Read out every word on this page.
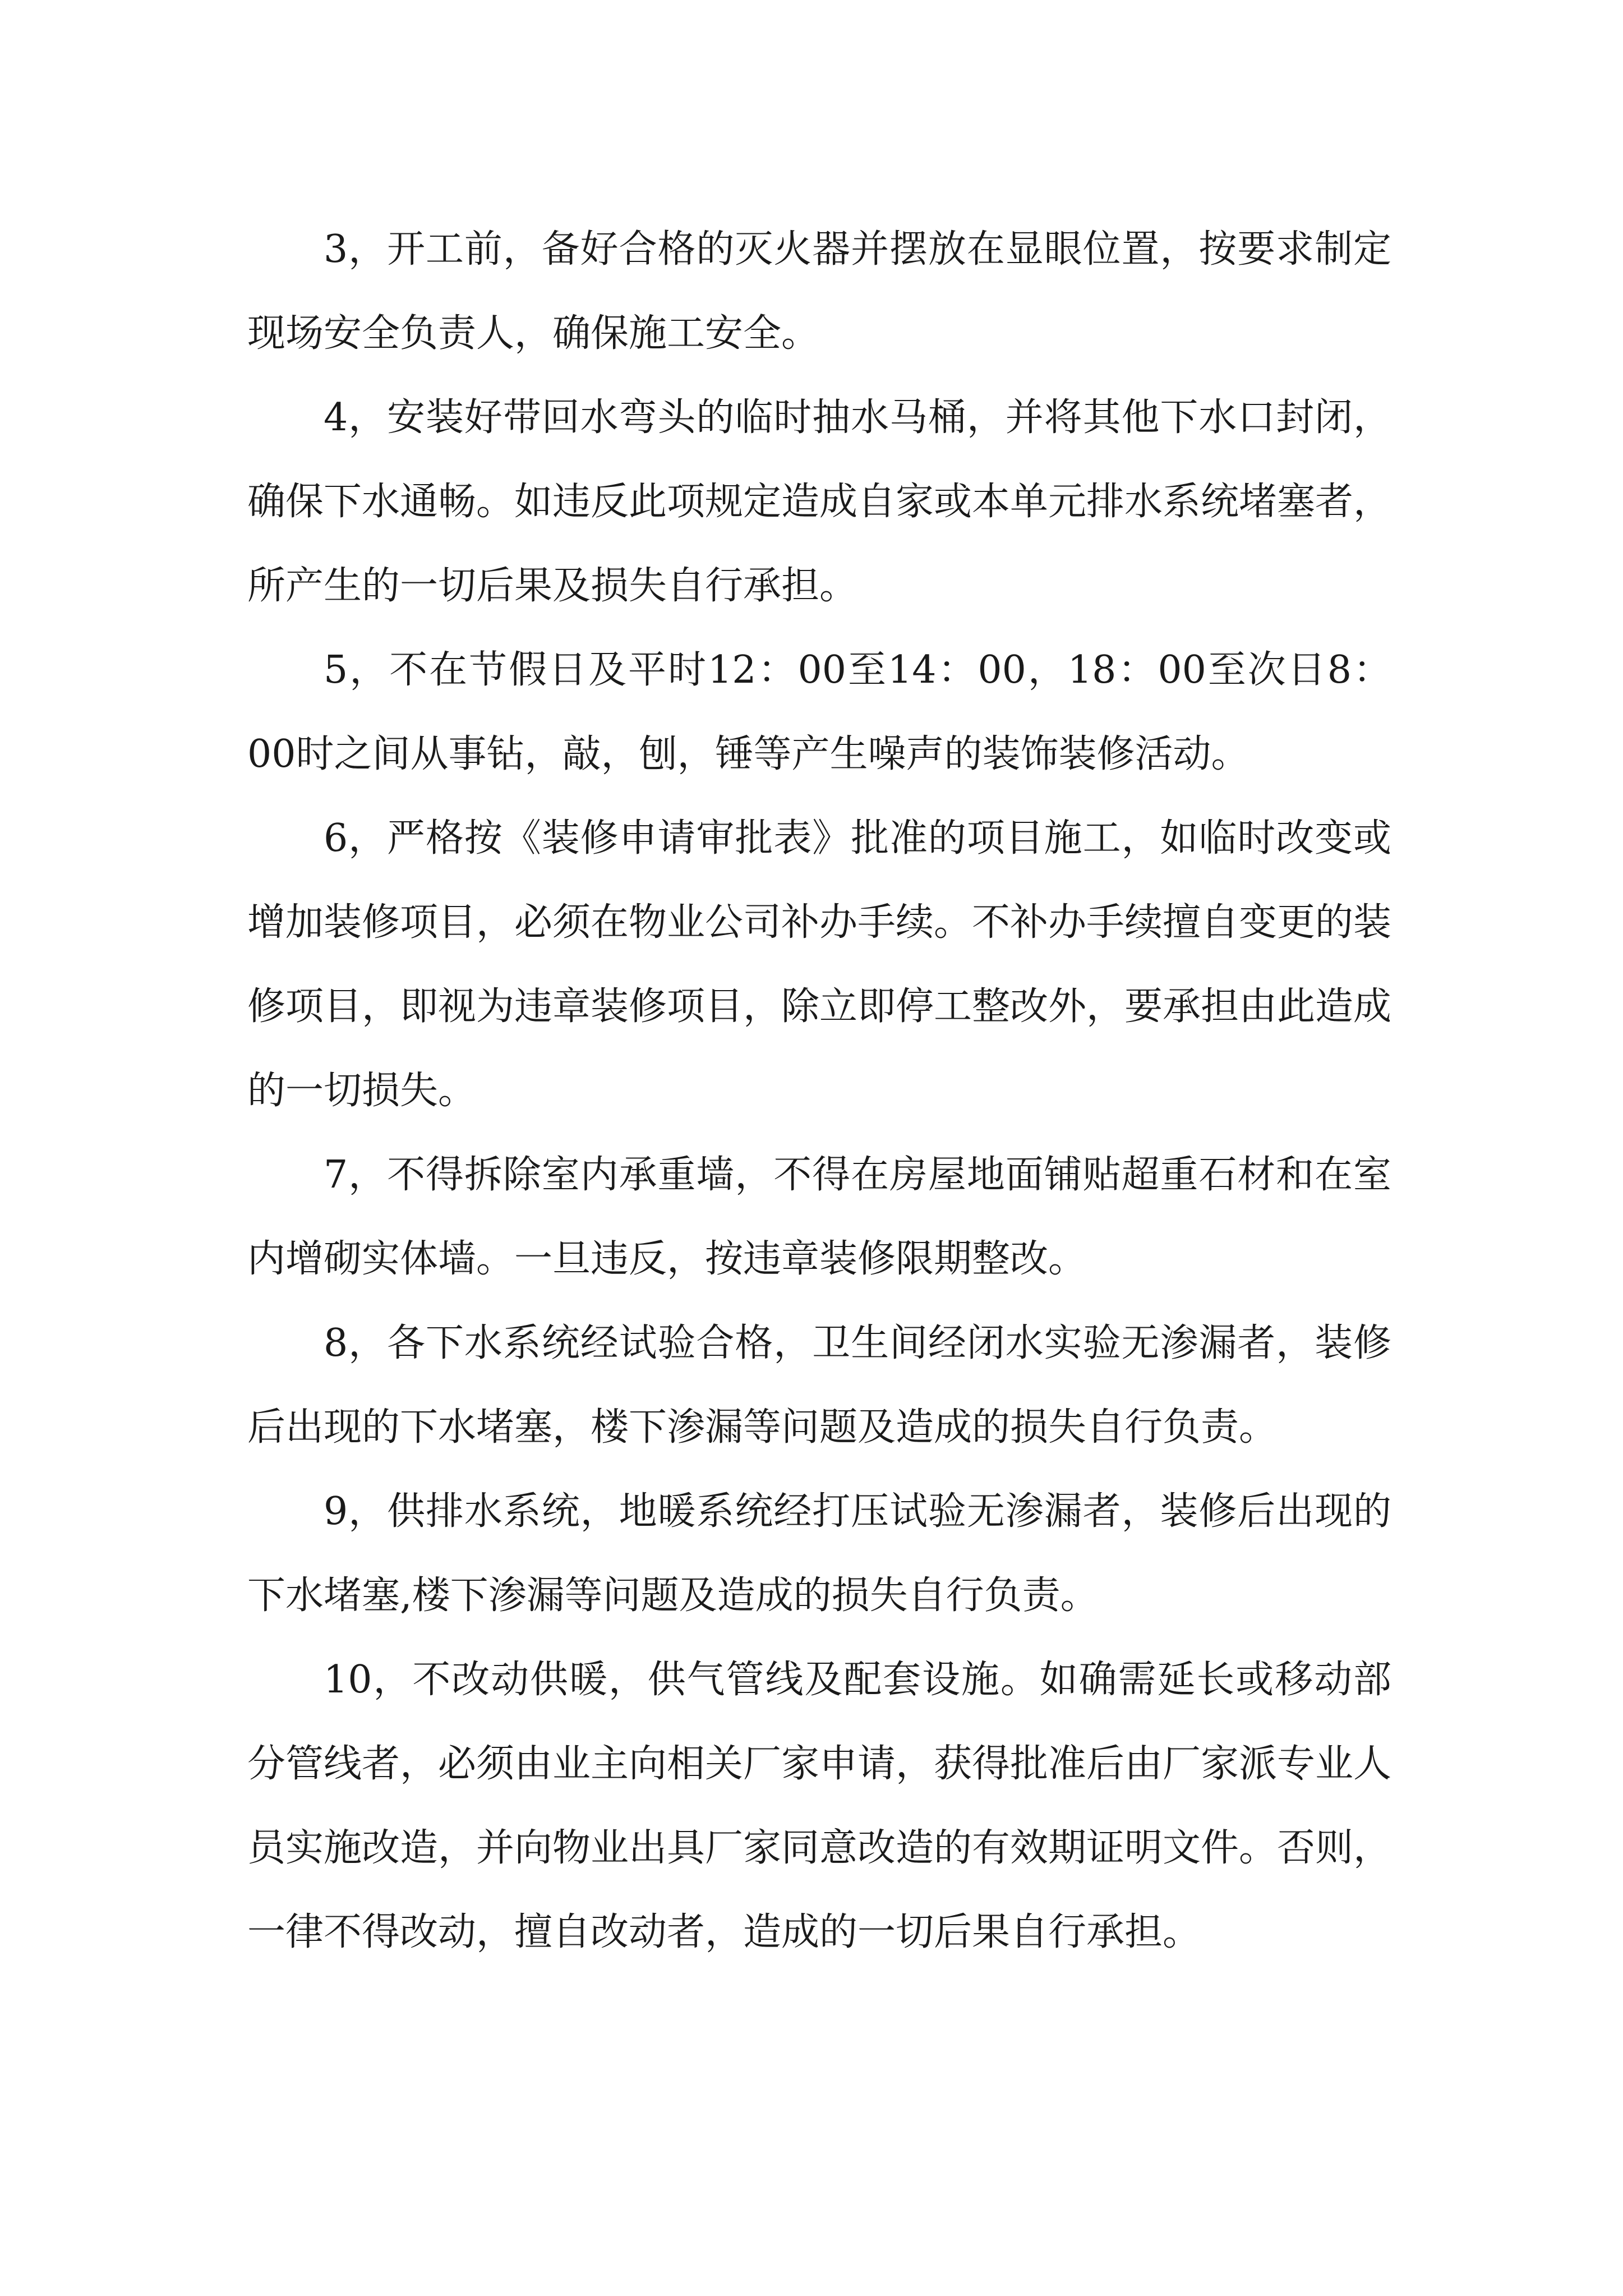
3，开工前，备好合格的灭火器并摆放在显眼位置，按要求制定现场安全负责人，确保施工安全。

4，安装好带回水弯头的临时抽水马桶，并将其他下水口封闭，确保下水通畅。如违反此项规定造成自家或本单元排水系统堵塞者，所产生的一切后果及损失自行承担。

5，不在节假日及平时12：00至14：00，18：00至次日8：00时之间从事钻，敲，刨，锤等产生噪声的装饰装修活动。

6，严格按《装修申请审批表》批准的项目施工，如临时改变或增加装修项目，必须在物业公司补办手续。不补办手续擅自变更的装修项目，即视为违章装修项目，除立即停工整改外，要承担由此造成的一切损失。

7，不得拆除室内承重墙，不得在房屋地面铺贴超重石材和在室内增砌实体墙。一旦违反，按违章装修限期整改。

8，各下水系统经试验合格，卫生间经闭水实验无渗漏者，装修后出现的下水堵塞，楼下渗漏等问题及造成的损失自行负责。

9，供排水系统，地暖系统经打压试验无渗漏者，装修后出现的下水堵塞,楼下渗漏等问题及造成的损失自行负责。

10，不改动供暖，供气管线及配套设施。如确需延长或移动部分管线者，必须由业主向相关厂家申请，获得批准后由厂家派专业人员实施改造，并向物业出具厂家同意改造的有效期证明文件。否则，一律不得改动，擅自改动者，造成的一切后果自行承担。
